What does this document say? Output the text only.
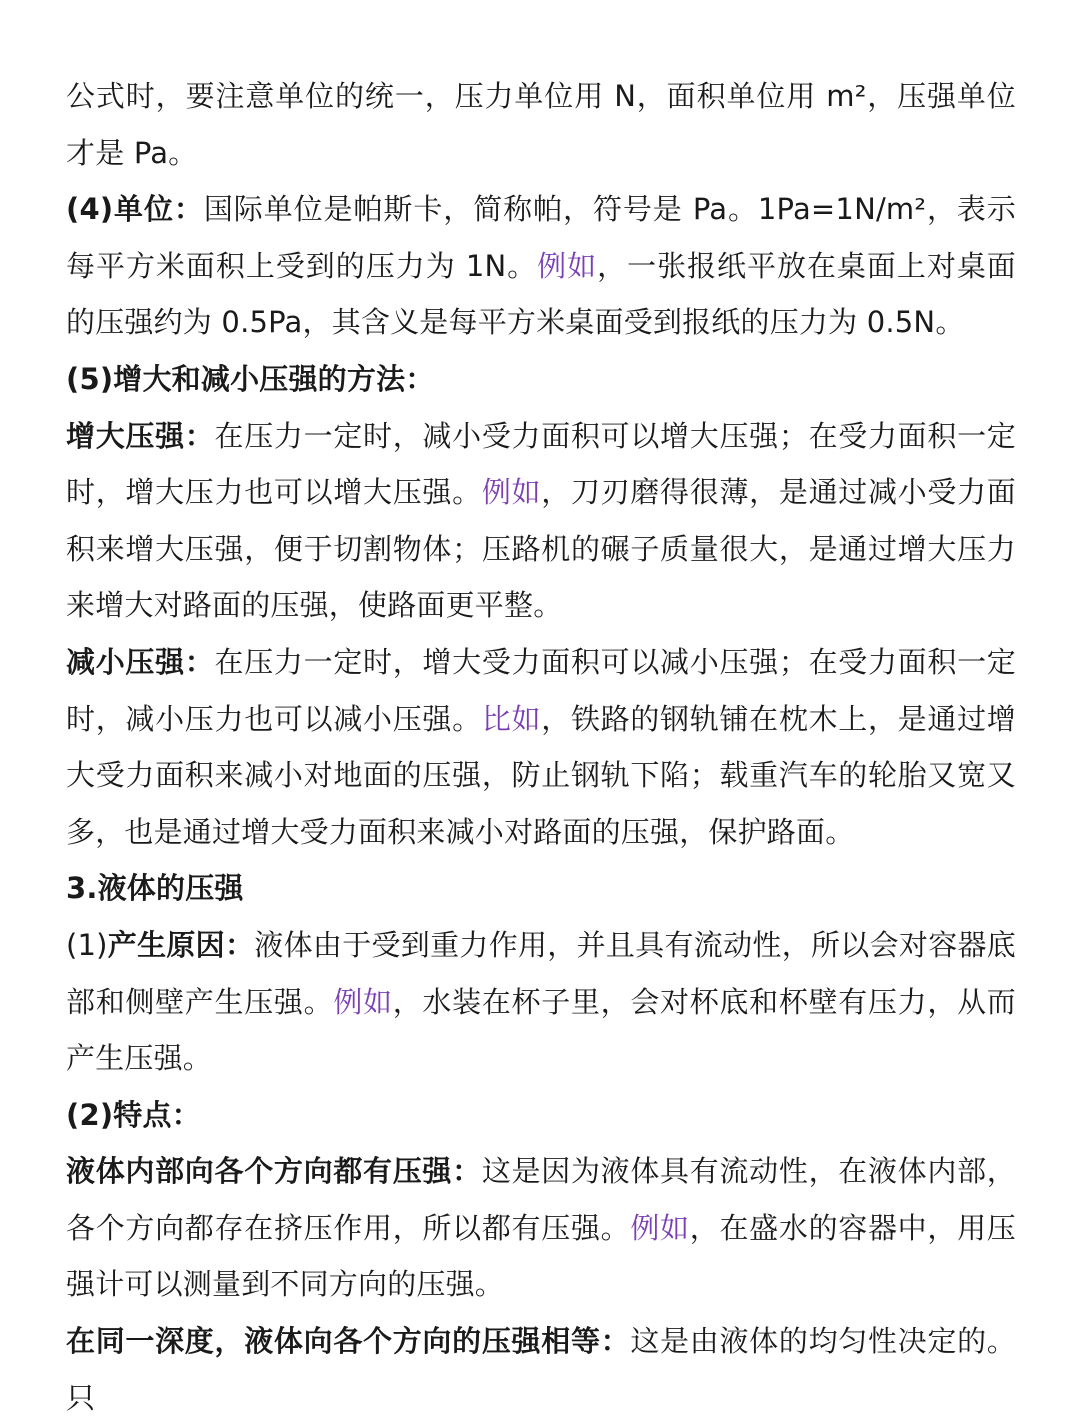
公式时，要注意单位的统一，压力单位用 N，面积单位用 m²，压强单位才是 Pa。

(4)单位：国际单位是帕斯卡，简称帕，符号是 Pa。1Pa=1N/m²，表示每平方米面积上受到的压力为 1N。例如，一张报纸平放在桌面上对桌面的压强约为 0.5Pa，其含义是每平方米桌面受到报纸的压力为 0.5N。

(5)增大和减小压强的方法：

增大压强：在压力一定时，减小受力面积可以增大压强；在受力面积一定时，增大压力也可以增大压强。例如，刀刃磨得很薄，是通过减小受力面积来增大压强，便于切割物体；压路机的碾子质量很大，是通过增大压力来增大对路面的压强，使路面更平整。

减小压强：在压力一定时，增大受力面积可以减小压强；在受力面积一定时，减小压力也可以减小压强。比如，铁路的钢轨铺在枕木上，是通过增大受力面积来减小对地面的压强，防止钢轨下陷；载重汽车的轮胎又宽又多，也是通过增大受力面积来减小对路面的压强，保护路面。

3.液体的压强

(1)产生原因：液体由于受到重力作用，并且具有流动性，所以会对容器底部和侧壁产生压强。例如，水装在杯子里，会对杯底和杯壁有压力，从而产生压强。

(2)特点：

液体内部向各个方向都有压强：这是因为液体具有流动性，在液体内部，各个方向都存在挤压作用，所以都有压强。例如，在盛水的容器中，用压强计可以测量到不同方向的压强。

在同一深度，液体向各个方向的压强相等：这是由液体的均匀性决定的。只
